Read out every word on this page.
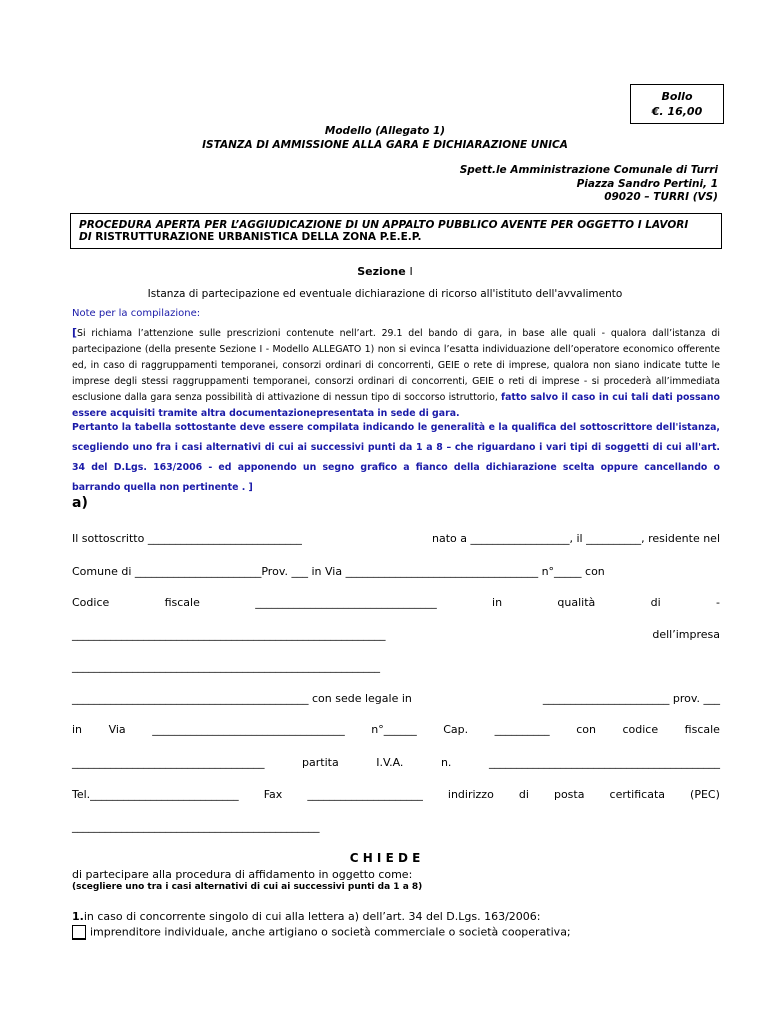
Bollo
€. 16,00
Modello (Allegato 1)
ISTANZA DI AMMISSIONE ALLA GARA E DICHIARAZIONE UNICA
Spett.le Amministrazione Comunale di Turri
Piazza Sandro Pertini, 1
09020 – TURRI (VS)
PROCEDURA APERTA PER L’AGGIUDICAZIONE DI UN APPALTO PUBBLICO AVENTE PER OGGETTO I LAVORI
DI RISTRUTTURAZIONE URBANISTICA DELLA ZONA P.E.E.P.
Sezione I
Istanza di partecipazione ed eventuale dichiarazione di ricorso all'istituto dell'avvalimento
Note per la compilazione:
[Si richiama l’attenzione sulle prescrizioni contenute nell’art. 29.1 del bando di gara, in base alle quali - qualora dall’istanza di partecipazione (della presente Sezione I - Modello ALLEGATO 1) non si evinca l’esatta individuazione dell’operatore economico offerente ed, in caso di raggruppamenti temporanei, consorzi ordinari di concorrenti, GEIE o rete di imprese, qualora non siano indicate tutte le imprese degli stessi raggruppamenti temporanei, consorzi ordinari di concorrenti, GEIE o reti di imprese - si procederà all’immediata esclusione dalla gara senza possibilità di attivazione di nessun tipo di soccorso istruttorio, fatto salvo il caso in cui tali dati possano essere acquisiti tramite altra documentazionepresentata in sede di gara.
Pertanto la tabella sottostante deve essere compilata indicando le generalità e la qualifica del sottoscrittore dell'istanza, scegliendo uno fra i casi alternativi di cui ai successivi punti da 1 a 8 – che riguardano i vari tipi di soggetti di cui all'art. 34 del D.Lgs. 163/2006 - ed apponendo un segno grafico a fianco della dichiarazione scelta oppure cancellando o barrando quella non pertinente . ]
a)
Il sottoscritto ____________________________	nato a __________________, il __________, residente nel
Comune di _______________________Prov. ___ in Via ___________________________________ n°_____ con
Codice	fiscale	_________________________________	in	qualità	di	-
_________________________________________________________	dell’impresa
________________________________________________________
___________________________________________ con sede legale in	_______________________ prov. ___
in Via ___________________________________ n°______ Cap. __________ con codice fiscale
___________________________________	partita	I.V.A.	n.	__________________________________________
Tel.___________________________ Fax _____________________ indirizzo di posta certificata (PEC)
_____________________________________________
C H I E D E
di partecipare alla procedura di affidamento in oggetto come:
(scegliere uno tra i casi alternativi di cui ai successivi punti da 1 a 8)
1.in caso di concorrente singolo di cui alla lettera a) dell’art. 34 del D.Lgs. 163/2006:
imprenditore individuale, anche artigiano o società commerciale o società cooperativa;
